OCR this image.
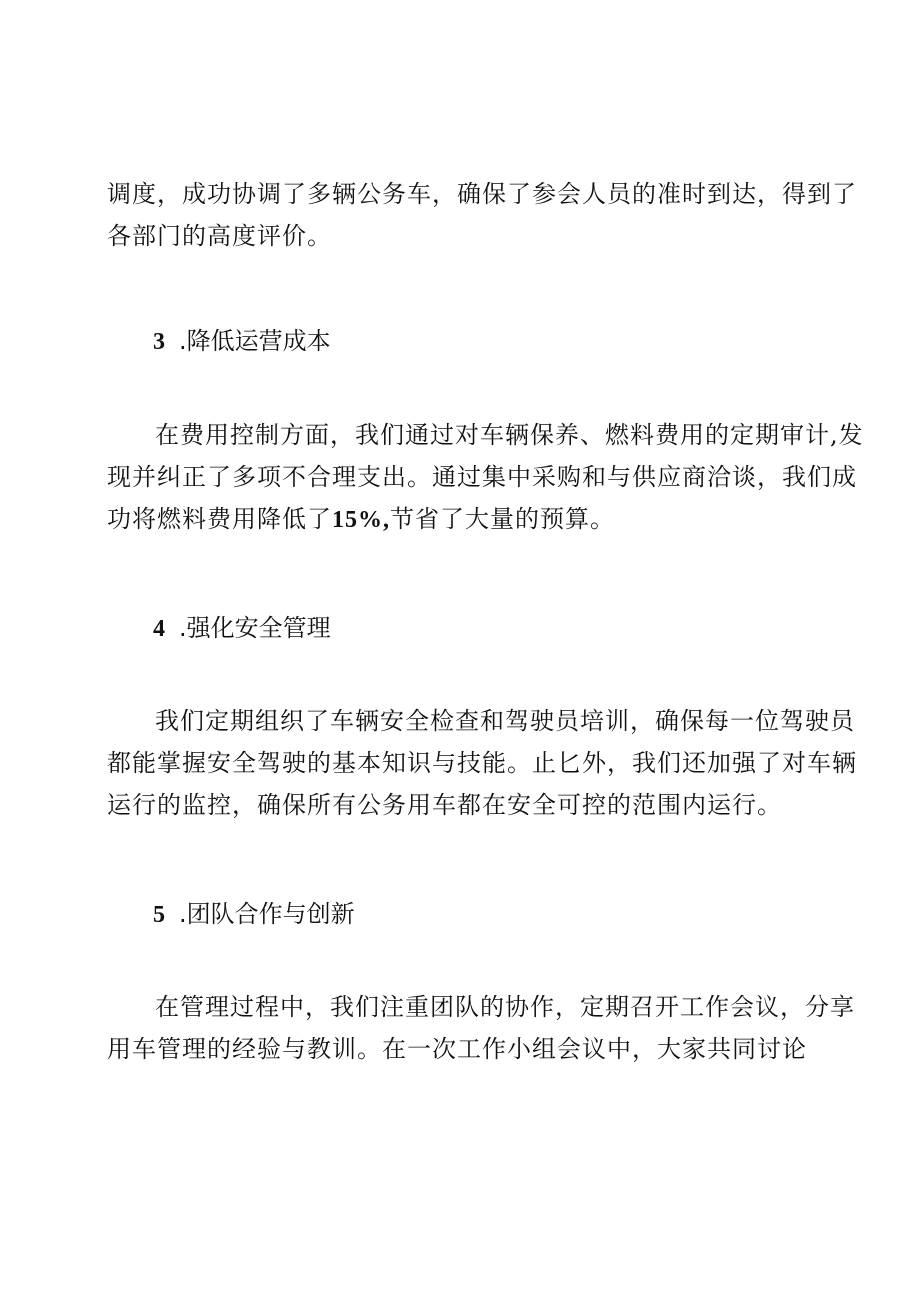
调度，成功协调了多辆公务车，确保了参会人员的准时到达，得到了
各部门的高度评价。

3 .降低运营成本

在费用控制方面，我们通过对车辆保养、燃料费用的定期审计,发
现并纠正了多项不合理支出。通过集中采购和与供应商洽谈，我们成
功将燃料费用降低了15%,节省了大量的预算。

4 .强化安全管理

我们定期组织了车辆安全检查和驾驶员培训，确保每一位驾驶员
都能掌握安全驾驶的基本知识与技能。止匕外，我们还加强了对车辆
运行的监控，确保所有公务用车都在安全可控的范围内运行。

5 .团队合作与创新

在管理过程中，我们注重团队的协作，定期召开工作会议，分享
用车管理的经验与教训。在一次工作小组会议中，大家共同讨论
